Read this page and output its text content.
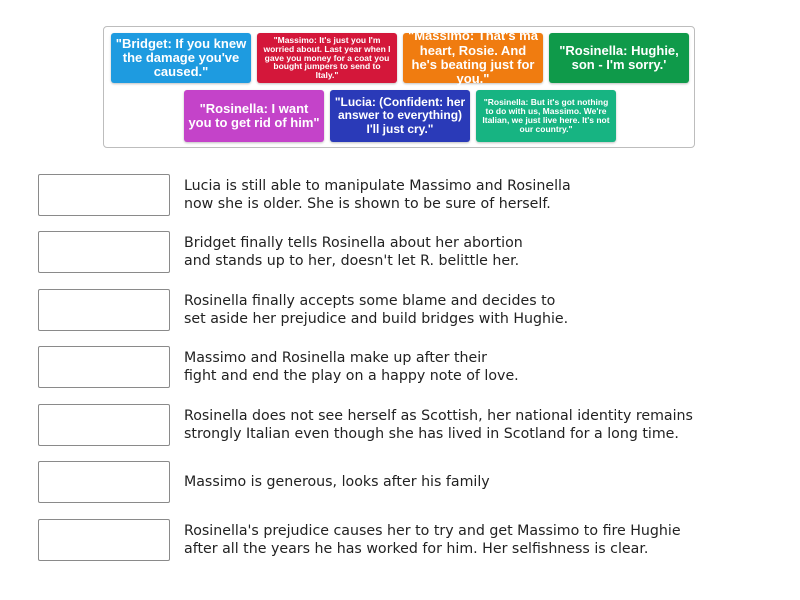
"Bridget: If you knew the damage you've caused."
"Massimo: It's just you I'm worried about. Last year when I gave you money for a coat you bought jumpers to send to Italy."
"Massimo: That's ma heart, Rosie. And he's beating just for you."
"Rosinella: Hughie, son - I'm sorry.'
"Rosinella: I want you to get rid of him"
"Lucia: (Confident: her answer to everything) I'll just cry."
"Rosinella: But it's got nothing to do with us, Massimo. We're Italian, we just live here. It's not our country."
Lucia is still able to manipulate Massimo and Rosinella
now she is older. She is shown to be sure of herself.
Bridget finally tells Rosinella about her abortion
and stands up to her, doesn't let R. belittle her.
Rosinella finally accepts some blame and decides to
set aside her prejudice and build bridges with Hughie.
Massimo and Rosinella make up after their
fight and end the play on a happy note of love.
Rosinella does not see herself as Scottish, her national identity remains
strongly Italian even though she has lived in Scotland for a long time.
Massimo is generous, looks after his family
Rosinella's prejudice causes her to try and get Massimo to fire Hughie
after all the years he has worked for him. Her selfishness is clear.
